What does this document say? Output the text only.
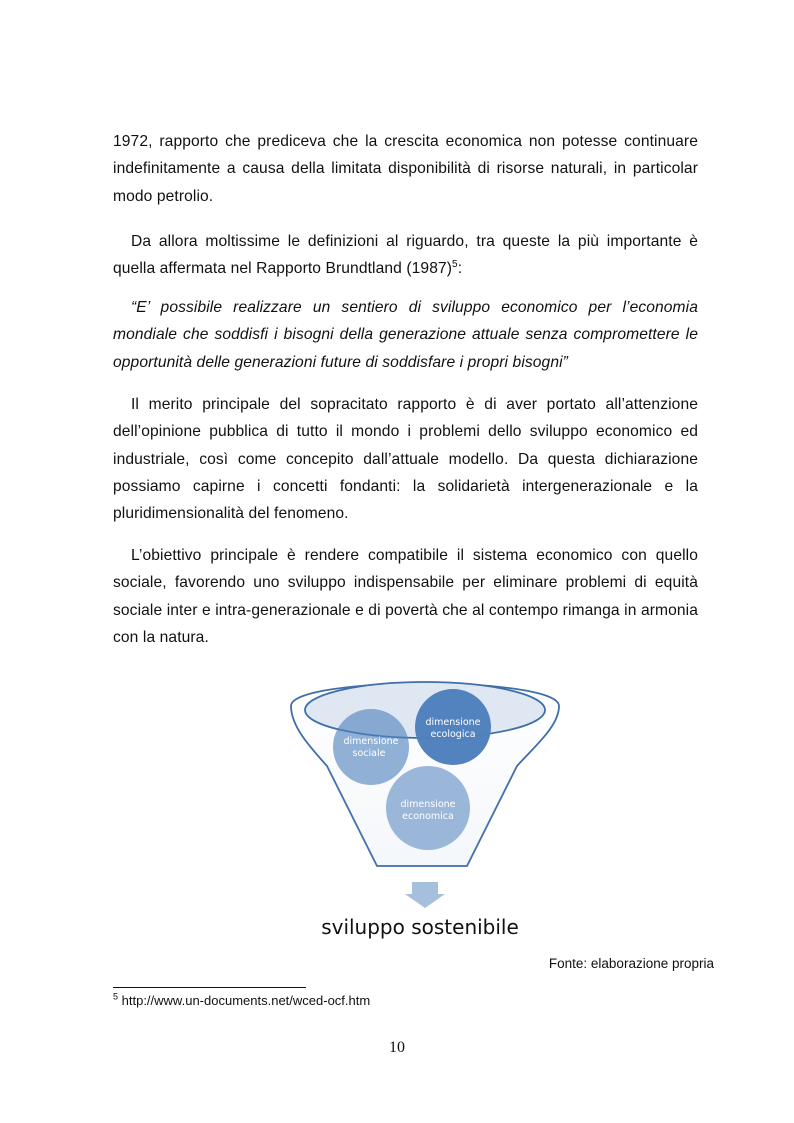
1972, rapporto che prediceva che la crescita economica non potesse continuare indefinitamente a causa della limitata disponibilità di risorse naturali, in particolar modo petrolio.
Da allora moltissime le definizioni al riguardo, tra queste la più importante è quella affermata nel Rapporto Brundtland $(1987)^5$:
“E’ possibile realizzare un sentiero di sviluppo economico per l’economia mondiale che soddisfi i bisogni della generazione attuale senza compromettere le opportunità delle generazioni future di soddisfare i propri bisogni”
Il merito principale del sopracitato rapporto è di aver portato all’attenzione dell’opinione pubblica di tutto il mondo i problemi dello sviluppo economico ed industriale, così come concepito dall’attuale modello. Da questa dichiarazione possiamo capirne i concetti fondanti: la solidarietà intergenerazionale e la pluridimensionalità del fenomeno.
L’obiettivo principale è rendere compatibile il sistema economico con quello sociale, favorendo uno sviluppo indispensabile per eliminare problemi di equità sociale inter e intra-generazionale e di povertà che al contempo rimanga in armonia con la natura.
dimensione
sociale
dimensione
ecologica
dimensione
economica
sviluppo sostenibile
Fonte: elaborazione propria
$^5$ http://www.un-documents.net/wced-ocf.htm
10
